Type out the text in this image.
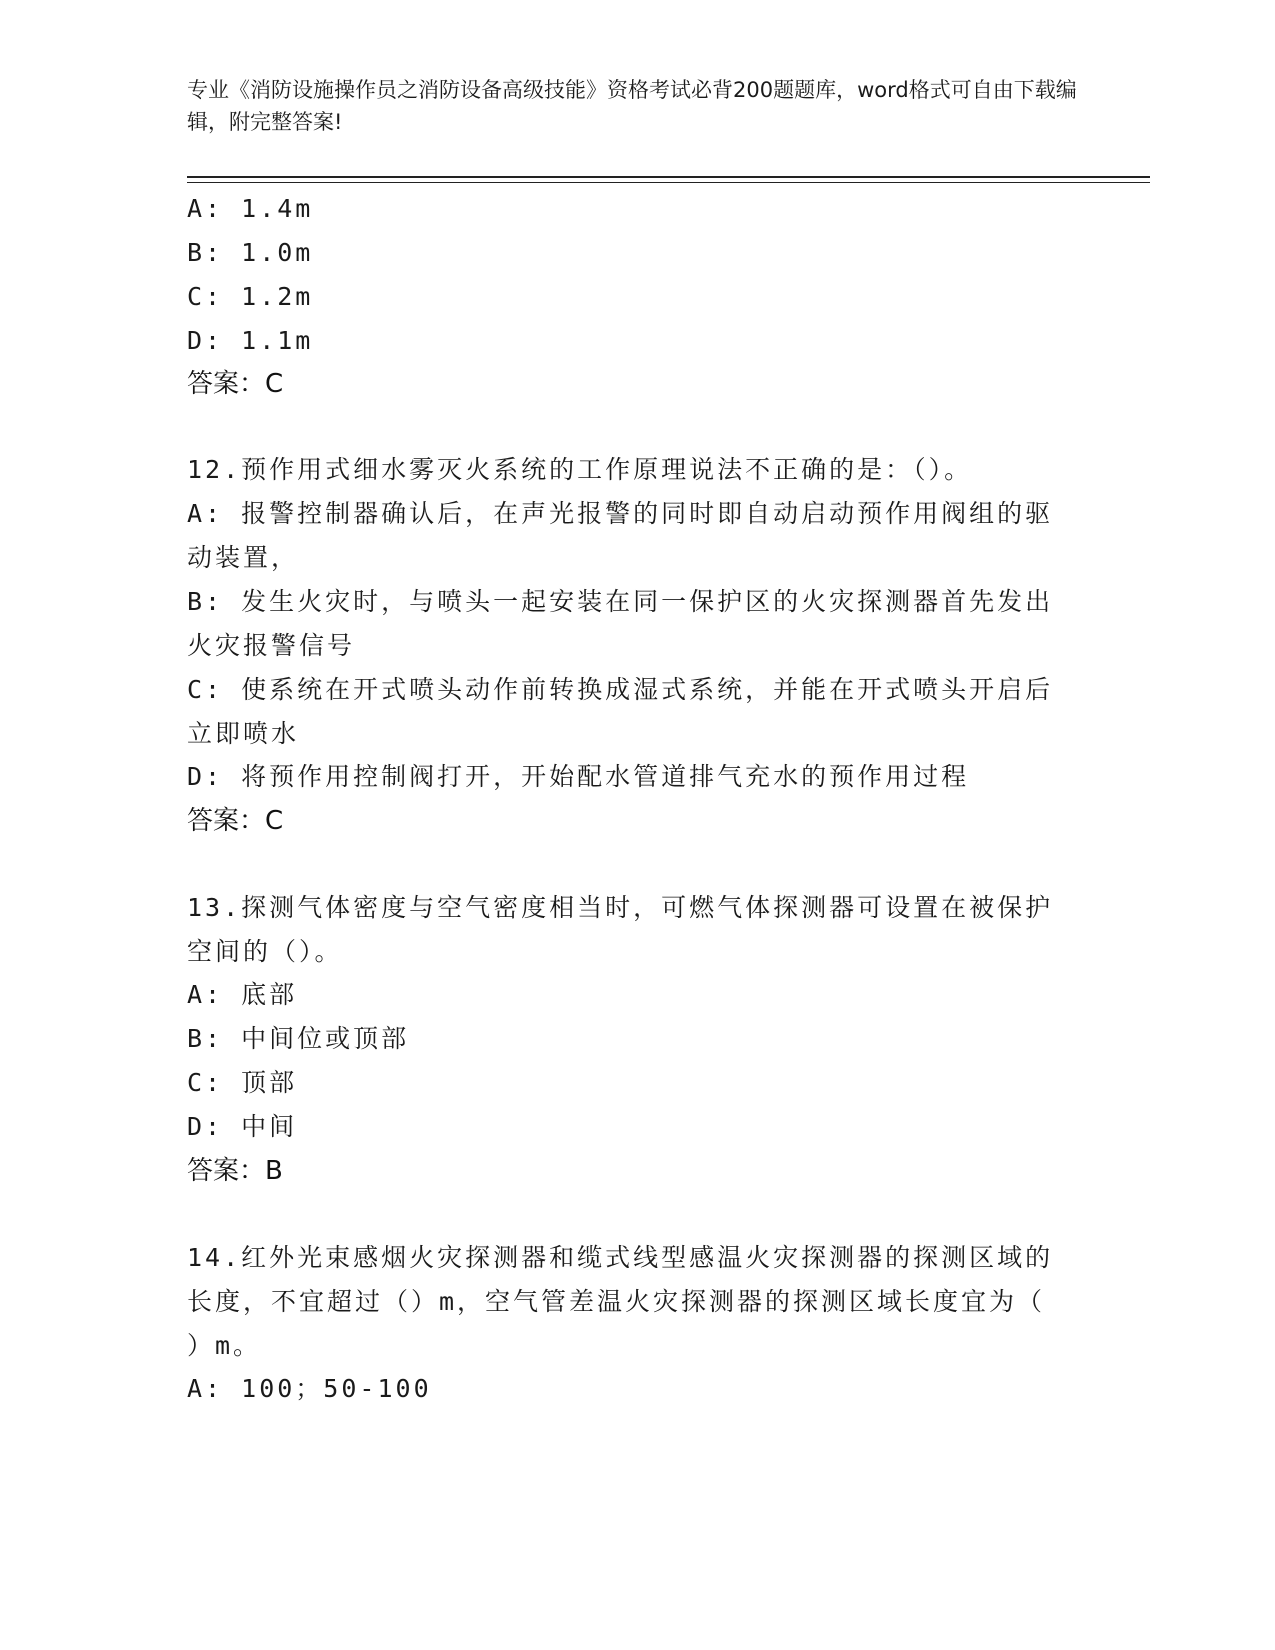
专业《消防设施操作员之消防设备高级技能》资格考试必背200题题库，word格式可自由下载编辑，附完整答案!
A: 1.4m
B: 1.0m
C: 1.2m
D: 1.1m
答案：C
12.预作用式细水雾灭火系统的工作原理说法不正确的是：（）。
A: 报警控制器确认后，在声光报警的同时即自动启动预作用阀组的驱
动装置，
B: 发生火灾时，与喷头一起安装在同一保护区的火灾探测器首先发出
火灾报警信号
C: 使系统在开式喷头动作前转换成湿式系统，并能在开式喷头开启后
立即喷水
D: 将预作用控制阀打开，开始配水管道排气充水的预作用过程
答案：C
13.探测气体密度与空气密度相当时，可燃气体探测器可设置在被保护
空间的（）。
A: 底部
B: 中间位或顶部
C: 顶部
D: 中间
答案：B
14.红外光束感烟火灾探测器和缆式线型感温火灾探测器的探测区域的
长度，不宜超过（）m，空气管差温火灾探测器的探测区域长度宜为（
）m。
A: 100；50-100
